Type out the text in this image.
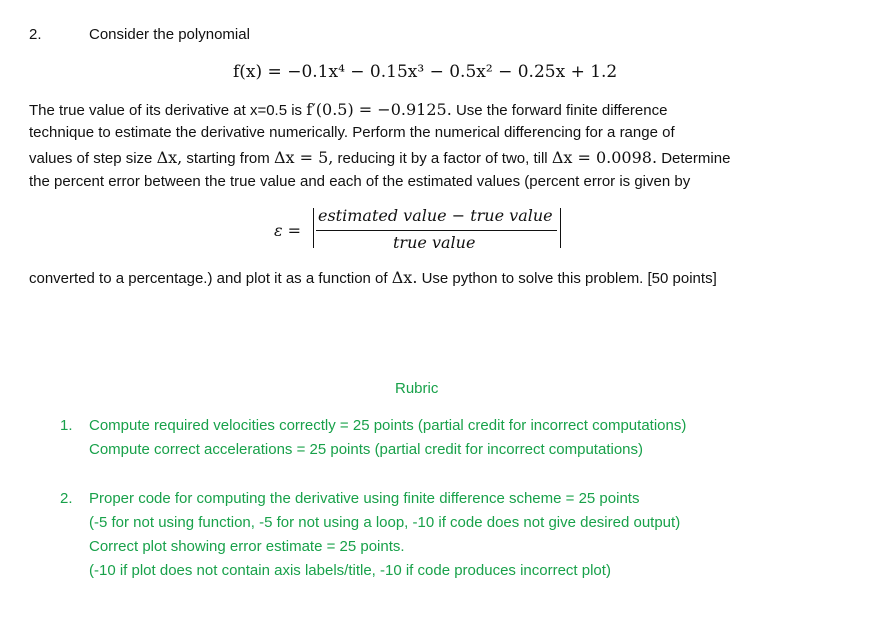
2.	Consider the polynomial
f(x) = −0.1x⁴ − 0.15x³ − 0.5x² − 0.25x + 1.2
The true value of its derivative at x=0.5 is f′(0.5) = −0.9125. Use the forward finite difference
technique to estimate the derivative numerically. Perform the numerical differencing for a range of
values of step size Δx, starting from Δx = 5, reducing it by a factor of two, till Δx = 0.0098. Determine
the percent error between the true value and each of the estimated values (percent error is given by
ε =
estimated value − true value
true value
converted to a percentage.) and plot it as a function of Δx. Use python to solve this problem. [50 points]
Rubric
1. Compute required velocities correctly = 25 points (partial credit for incorrect computations)
Compute correct accelerations = 25 points (partial credit for incorrect computations)
2. Proper code for computing the derivative using finite difference scheme = 25 points
(-5 for not using function, -5 for not using a loop, -10 if code does not give desired output)
Correct plot showing error estimate = 25 points.
(-10 if plot does not contain axis labels/title, -10 if code produces incorrect plot)
